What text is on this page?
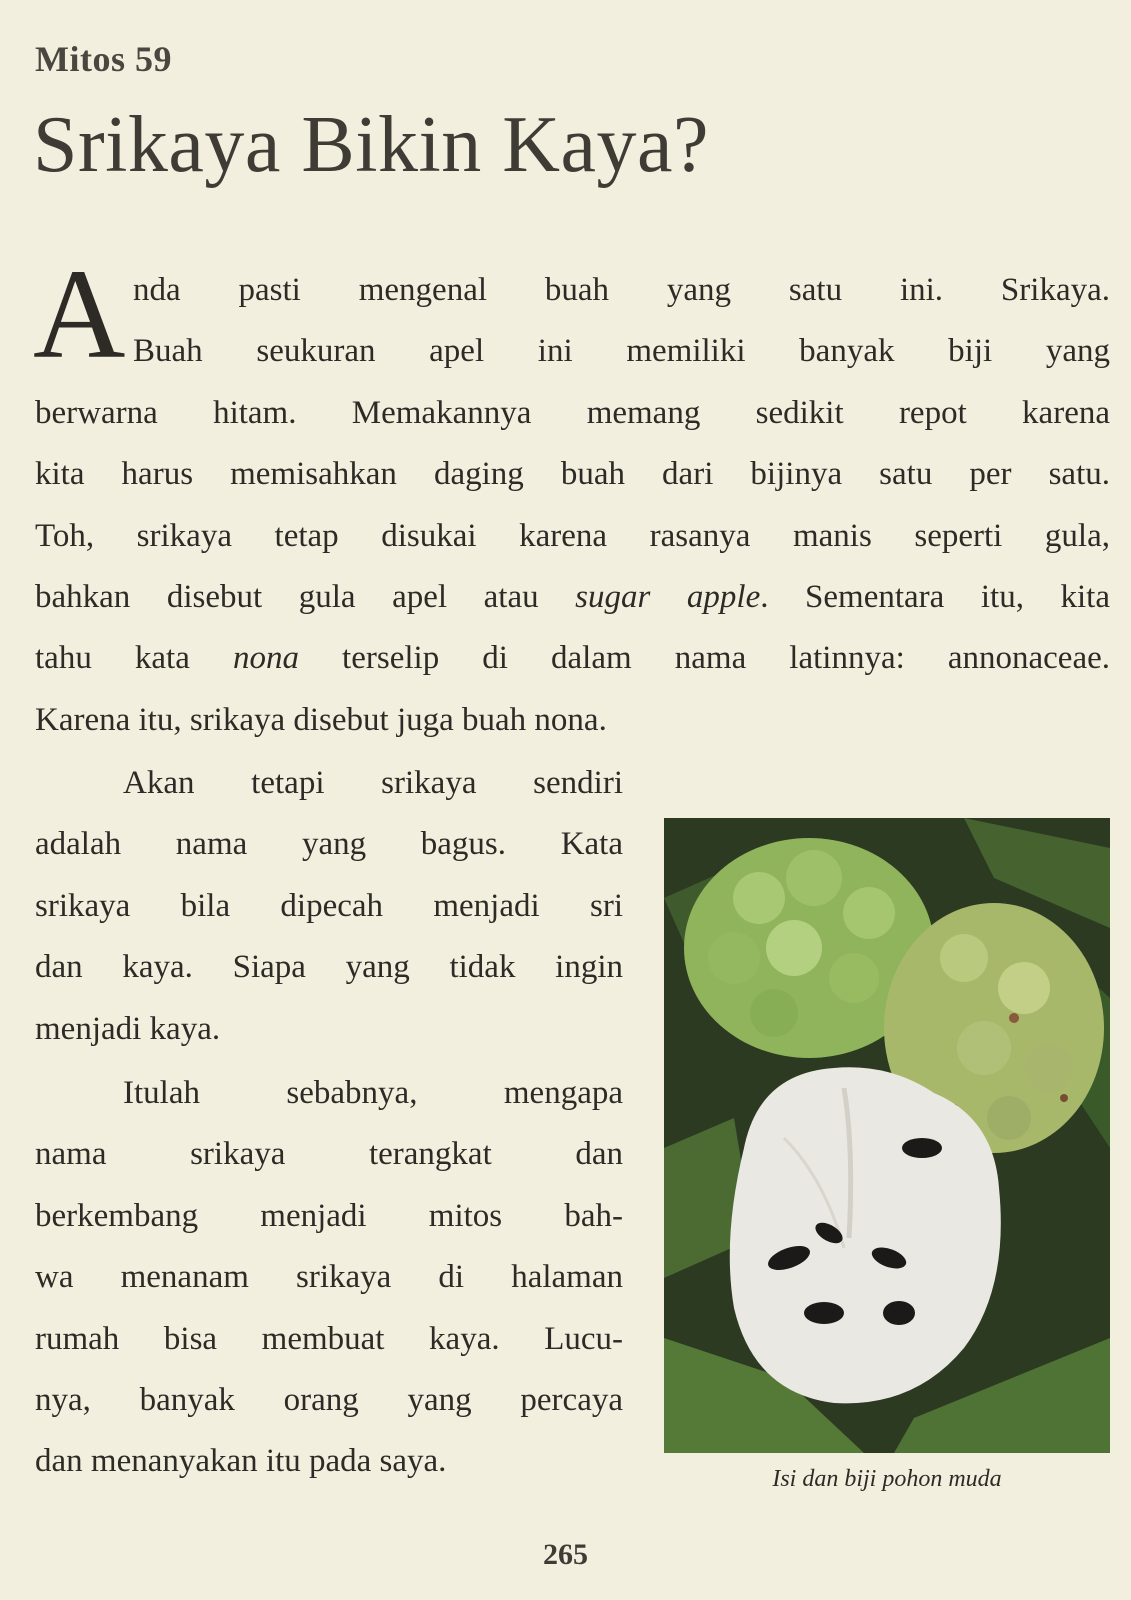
Mitos 59
Srikaya Bikin Kaya?
A nda pasti mengenal buah yang satu ini. Srikaya.
Buah seukuran apel ini memiliki banyak biji yang
berwarna hitam. Memakannya memang sedikit repot karena
kita harus memisahkan daging buah dari bijinya satu per satu.
Toh, srikaya tetap disukai karena rasanya manis seperti gula,
bahkan disebut gula apel atau sugar apple. Sementara itu, kita
tahu kata nona terselip di dalam nama latinnya: annonaceae.
Karena itu, srikaya disebut juga buah nona.
Akan tetapi srikaya sendiri
adalah nama yang bagus. Kata
srikaya bila dipecah menjadi sri
dan kaya. Siapa yang tidak ingin
menjadi kaya.
Itulah sebabnya, mengapa
nama srikaya terangkat dan
berkembang menjadi mitos bah-
wa menanam srikaya di halaman
rumah bisa membuat kaya. Lucu-
nya, banyak orang yang percaya
dan menanyakan itu pada saya.	Isi dan biji pohon muda
265
